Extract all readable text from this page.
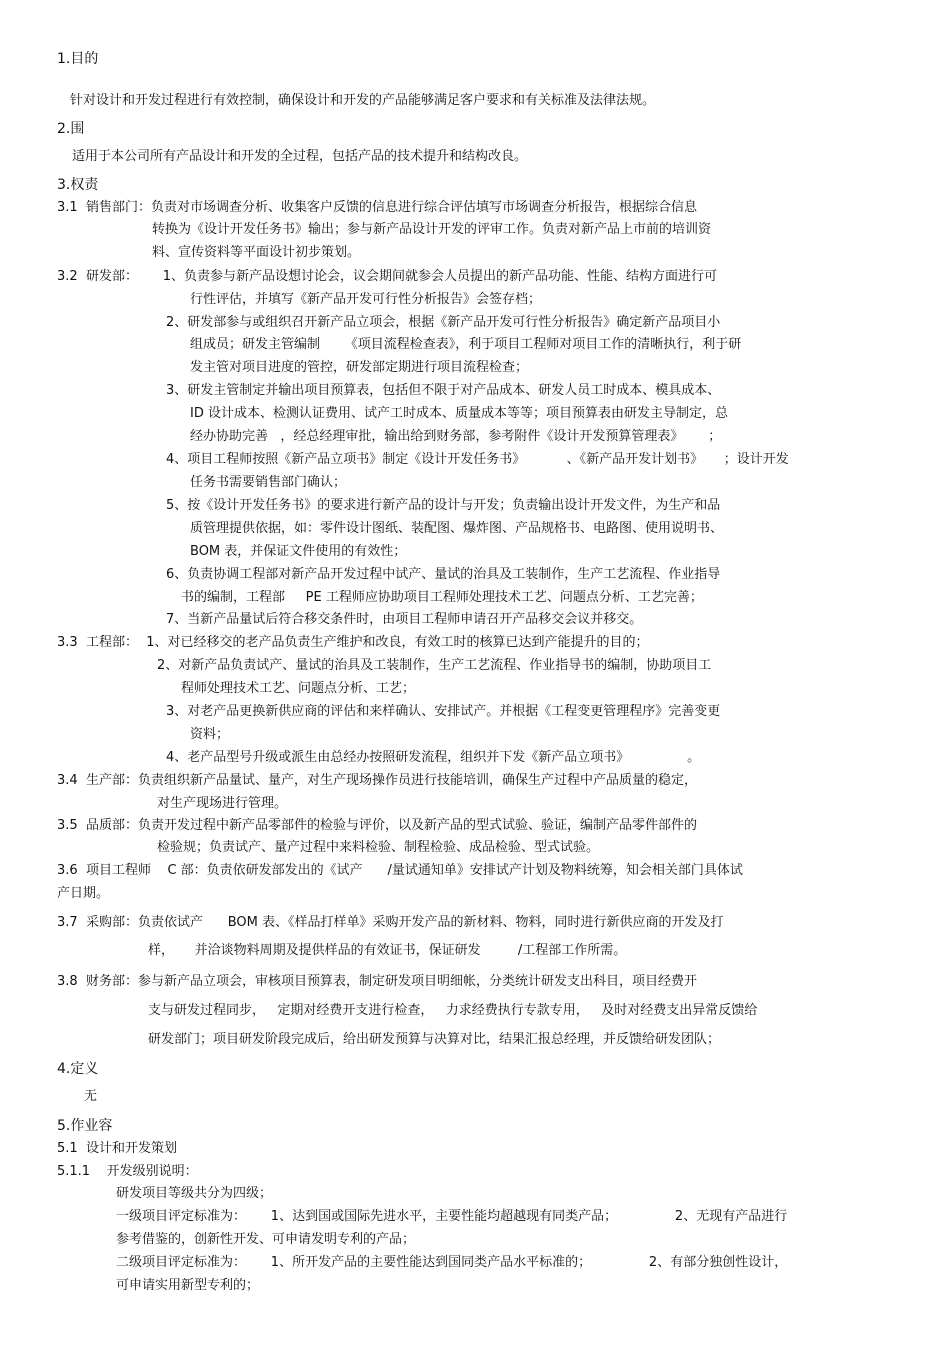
1.目的
针对设计和开发过程进行有效控制，确保设计和开发的产品能够满足客户要求和有关标准及法律法规。
2.围
适用于本公司所有产品设计和开发的全过程，包括产品的技术提升和结构改良。
3.权责
3.1  销售部门：负责对市场调查分析、收集客户反馈的信息进行综合评估填写市场调查分析报告，根据综合信息
转换为《设计开发任务书》输出；参与新产品设计开发的评审工作。负责对新产品上市前的培训资
料、宣传资料等平面设计初步策划。
3.2  研发部：      1、负责参与新产品设想讨论会，议会期间就参会人员提出的新产品功能、性能、结构方面进行可
行性评估，并填写《新产品开发可行性分析报告》会签存档；
2、研发部参与或组织召开新产品立项会，根据《新产品开发可行性分析报告》确定新产品项目小
组成员；研发主管编制      《项目流程检查表》，利于项目工程师对项目工作的清晰执行，利于研
发主管对项目进度的管控，研发部定期进行项目流程检查；
3、研发主管制定并输出项目预算表，包括但不限于对产品成本、研发人员工时成本、模具成本、
ID 设计成本、检测认证费用、试产工时成本、质量成本等等；项目预算表由研发主导制定，总
经办协助完善   ，经总经理审批，输出给到财务部，参考附件《设计开发预算管理表》      ；
4、项目工程师按照《新产品立项书》制定《设计开发任务书》          、《新产品开发计划书》     ；设计开发
任务书需要销售部门确认；
5、按《设计开发任务书》的要求进行新产品的设计与开发；负责输出设计开发文件，为生产和品
质管理提供依据，如：零件设计图纸、装配图、爆炸图、产品规格书、电路图、使用说明书、
BOM 表，并保证文件使用的有效性；
6、负责协调工程部对新产品开发过程中试产、量试的治具及工装制作，生产工艺流程、作业指导
书的编制，工程部     PE 工程师应协助项目工程师处理技术工艺、问题点分析、工艺完善；
7、当新产品量试后符合移交条件时，由项目工程师申请召开产品移交会议并移交。
3.3  工程部：  1、对已经移交的老产品负责生产维护和改良，有效工时的核算已达到产能提升的目的；
2、对新产品负责试产、量试的治具及工装制作，生产工艺流程、作业指导书的编制，协助项目工
程师处理技术工艺、问题点分析、工艺；
3、对老产品更换新供应商的评估和来样确认、安排试产。并根据《工程变更管理程序》完善变更
资料；
4、老产品型号升级或派生由总经办按照研发流程，组织并下发《新产品立项书》              。
3.4  生产部：负责组织新产品量试、量产，对生产现场操作员进行技能培训，确保生产过程中产品质量的稳定，
对生产现场进行管理。
3.5  品质部：负责开发过程中新产品零部件的检验与评价，以及新产品的型式试验、验证，编制产品零件部件的
检验规；负责试产、量产过程中来料检验、制程检验、成品检验、型式试验。
3.6  项目工程师    C 部：负责依研发部发出的《试产      /量试通知单》安排试产计划及物料统筹，知会相关部门具体试
产日期。
3.7  采购部：负责依试产      BOM 表、《样品打样单》采购开发产品的新材料、物料，同时进行新供应商的开发及打
样，     并洽谈物料周期及提供样品的有效证书，保证研发         /工程部工作所需。
3.8  财务部：参与新产品立项会，审核项目预算表，制定研发项目明细帐，分类统计研发支出科目，项目经费开
支与研发过程同步，   定期对经费开支进行检查，   力求经费执行专款专用，   及时对经费支出异常反馈给
研发部门；项目研发阶段完成后，给出研发预算与决算对比，结果汇报总经理，并反馈给研发团队；
4.定义
无
5.作业容
5.1  设计和开发策划
5.1.1    开发级别说明：
研发项目等级共分为四级；
一级项目评定标准为：      1、达到国或国际先进水平，主要性能均超越现有同类产品；              2、无现有产品进行
参考借鉴的，创新性开发、可申请发明专利的产品；
二级项目评定标准为：      1、所开发产品的主要性能达到国同类产品水平标准的；              2、有部分独创性设计，
可申请实用新型专利的；
